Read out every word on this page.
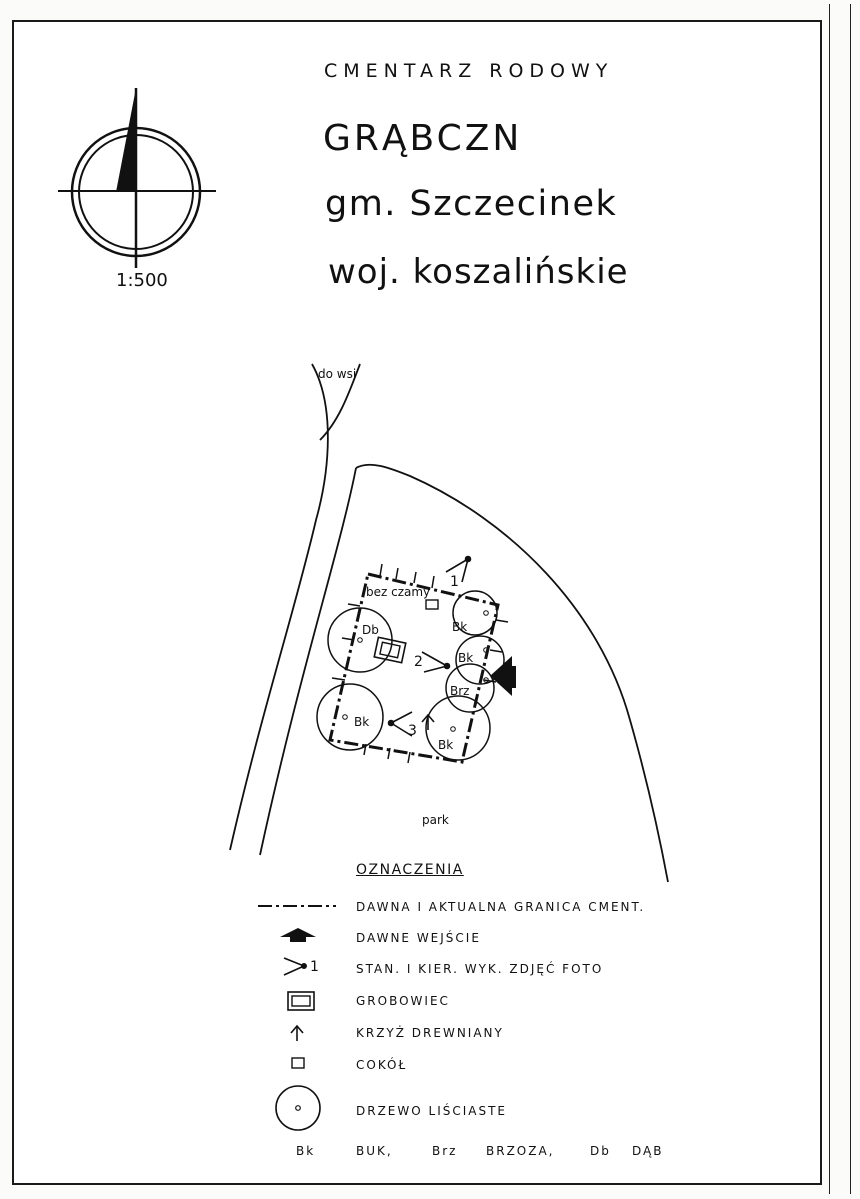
CMENTARZ RODOWY
GRĄBCZN
gm. Szczecinek
woj. koszalińskie
1:500
do wsi
bez czamy
park
Db	Bk
Bk
Bk
Brz
Bk
1
2
3
OZNACZENIA
1
DAWNA I AKTUALNA GRANICA CMENT.
DAWNE WEJŚCIE
STAN. I KIER. WYK. ZDJĘĆ FOTO
GROBOWIEC
KRZYŻ DREWNIANY
COKÓŁ
DRZEWO LIŚCIASTE
Bk	BUK,	Brz BRZOZA,	Db DĄB
